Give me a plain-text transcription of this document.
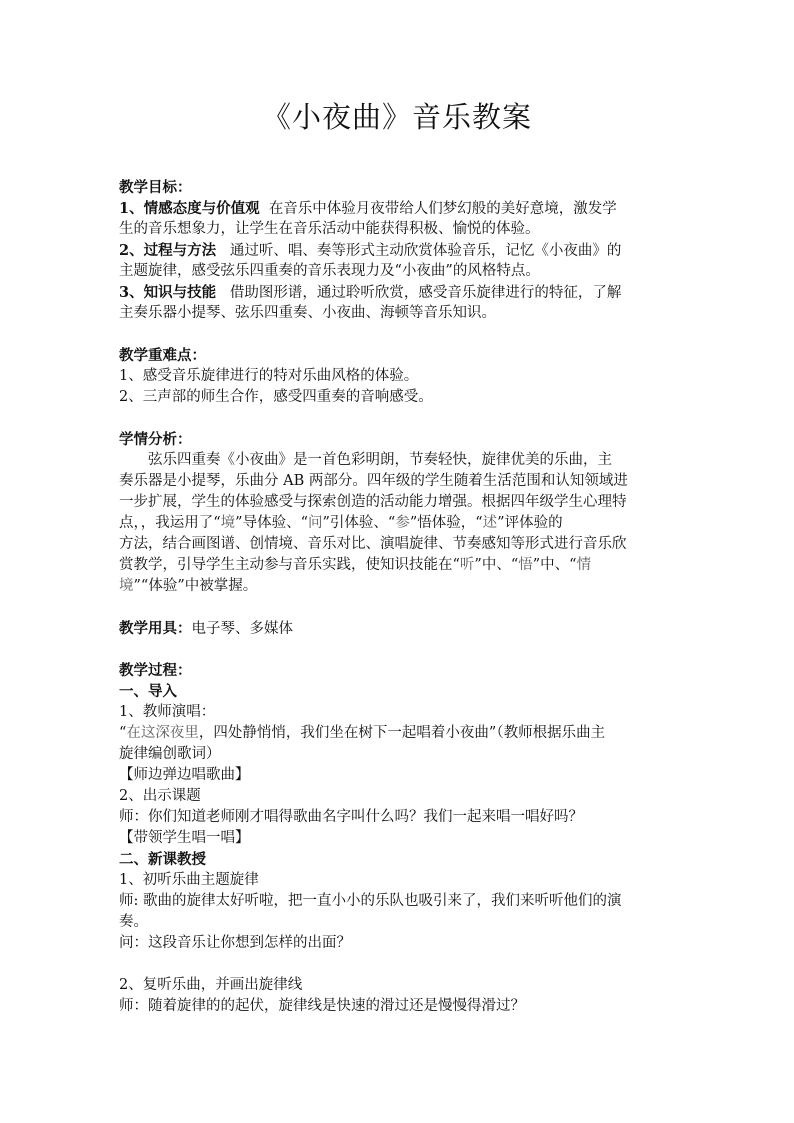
《小夜曲》音乐教案
教学目标：
1、情感态度与价值观 在音乐中体验月夜带给人们梦幻般的美好意境，激发学
生的音乐想象力，让学生在音乐活动中能获得积极、愉悦的体验。
2、过程与方法 通过听、唱、奏等形式主动欣赏体验音乐，记忆《小夜曲》的
主题旋律，感受弦乐四重奏的音乐表现力及“小夜曲”的风格特点。
3、知识与技能 借助图形谱，通过聆听欣赏，感受音乐旋律进行的特征，了解
主奏乐器小提琴、弦乐四重奏、小夜曲、海顿等音乐知识。
教学重难点：
1、感受音乐旋律进行的特对乐曲风格的体验。
2、三声部的师生合作，感受四重奏的音响感受。
学情分析：
弦乐四重奏《小夜曲》是一首色彩明朗，节奏轻快，旋律优美的乐曲，主
奏乐器是小提琴，乐曲分 AB 两部分。四年级的学生随着生活范围和认知领域进
一步扩展，学生的体验感受与探索创造的活动能力增强。根据四年级学生心理特
点，，我运用了“境”导体验、“问”引体验、“参”悟体验，“述”评体验的
方法，结合画图谱、创情境、音乐对比、演唱旋律、节奏感知等形式进行音乐欣
赏教学，引导学生主动参与音乐实践，使知识技能在“听”中、“悟”中、“情
境”“体验”中被掌握。
教学用具：电子琴、多媒体
教学过程：
一、导入
1、教师演唱：
“在这深夜里，四处静悄悄，我们坐在树下一起唱着小夜曲”（教师根据乐曲主
旋律编创歌词）
【师边弹边唱歌曲】
2、出示课题
师：你们知道老师刚才唱得歌曲名字叫什么吗？我们一起来唱一唱好吗？
【带领学生唱一唱】
二、新课教授
1、初听乐曲主题旋律
师: 歌曲的旋律太好听啦，把一直小小的乐队也吸引来了，我们来听听他们的演
奏。
问：这段音乐让你想到怎样的出面？
2、复听乐曲，并画出旋律线
师：随着旋律的的起伏，旋律线是快速的滑过还是慢慢得滑过？
